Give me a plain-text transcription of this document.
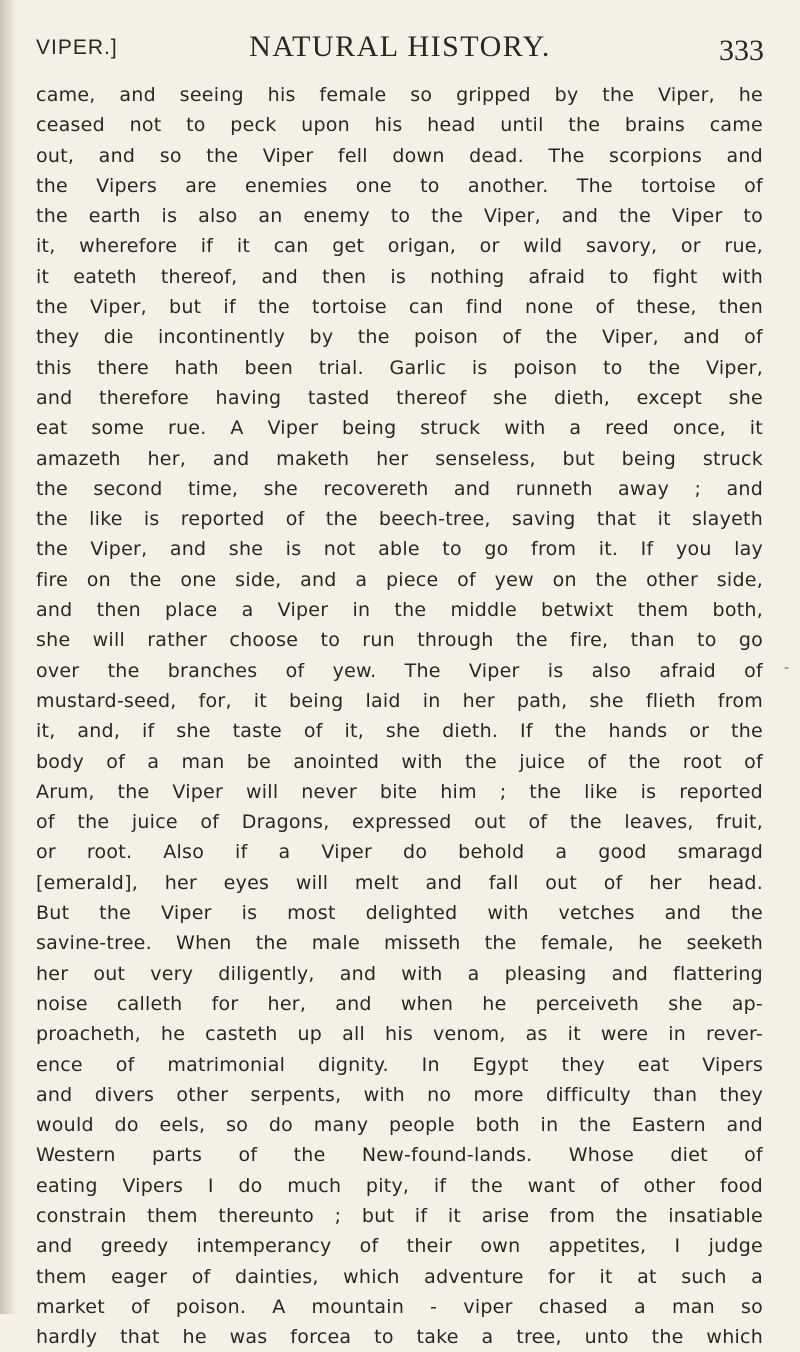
VIPER.]	NATURAL HISTORY.	333
came, and seeing his female so gripped by the Viper, he
ceased not to peck upon his head until the brains came
out, and so the Viper fell down dead. The scorpions and
the Vipers are enemies one to another. The tortoise of
the earth is also an enemy to the Viper, and the Viper to
it, wherefore if it can get origan, or wild savory, or rue,
it eateth thereof, and then is nothing afraid to fight with
the Viper, but if the tortoise can find none of these, then
they die incontinently by the poison of the Viper, and of
this there hath been trial. Garlic is poison to the Viper,
and therefore having tasted thereof she dieth, except she
eat some rue. A Viper being struck with a reed once, it
amazeth her, and maketh her senseless, but being struck
the second time, she recovereth and runneth away ; and
the like is reported of the beech-tree, saving that it slayeth
the Viper, and she is not able to go from it. If you lay
fire on the one side, and a piece of yew on the other side,
and then place a Viper in the middle betwixt them both,
she will rather choose to run through the fire, than to go
over the branches of yew. The Viper is also afraid of
mustard-seed, for, it being laid in her path, she flieth from
it, and, if she taste of it, she dieth. If the hands or the
body of a man be anointed with the juice of the root of
Arum, the Viper will never bite him ; the like is reported
of the juice of Dragons, expressed out of the leaves, fruit,
or root. Also if a Viper do behold a good smaragd
[emerald], her eyes will melt and fall out of her head.
But the Viper is most delighted with vetches and the
savine-tree. When the male misseth the female, he seeketh
her out very diligently, and with a pleasing and flattering
noise calleth for her, and when he perceiveth she ap-
proacheth, he casteth up all his venom, as it were in rever-
ence of matrimonial dignity. In Egypt they eat Vipers
and divers other serpents, with no more difficulty than they
would do eels, so do many people both in the Eastern and
Western parts of the New-found-lands. Whose diet of
eating Vipers I do much pity, if the want of other food
constrain them thereunto ; but if it arise from the insatiable
and greedy intemperancy of their own appetites, I judge
them eager of dainties, which adventure for it at such a
market of poison. A mountain - viper chased a man so
hardly that he was forcea to take a tree, unto the which
-
